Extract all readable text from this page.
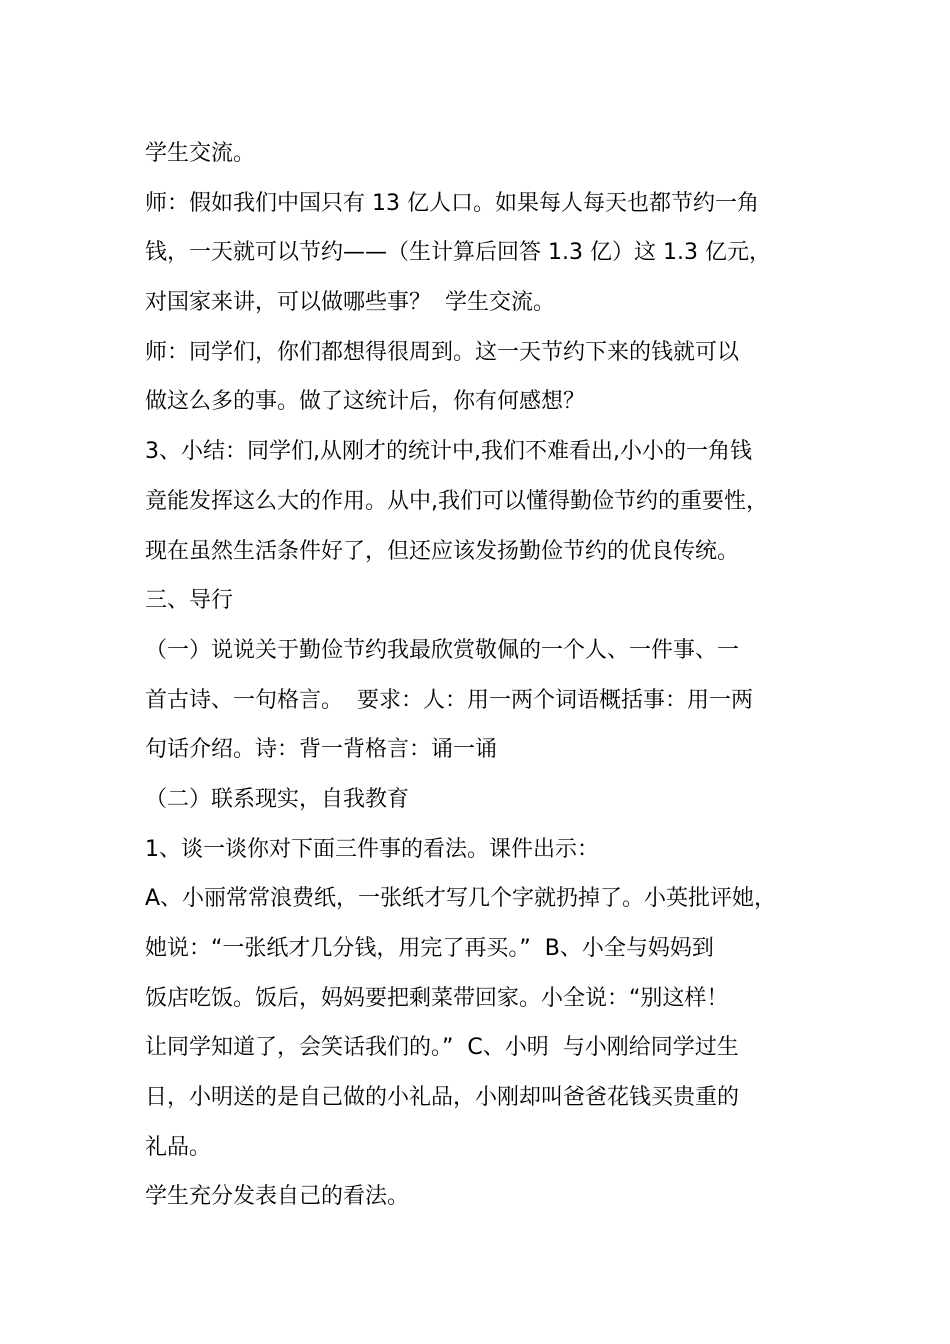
学生交流。
师：假如我们中国只有 13 亿人口。如果每人每天也都节约一角
钱，一天就可以节约——（生计算后回答 1.3 亿）这 1.3 亿元，
对国家来讲，可以做哪些事？  学生交流。
师：同学们，你们都想得很周到。这一天节约下来的钱就可以
做这么多的事。做了这统计后，你有何感想？
3、小结：同学们,从刚才的统计中,我们不难看出,小小的一角钱
竟能发挥这么大的作用。从中,我们可以懂得勤俭节约的重要性，
现在虽然生活条件好了，但还应该发扬勤俭节约的优良传统。
三、导行
（一）说说关于勤俭节约我最欣赏敬佩的一个人、一件事、一
首古诗、一句格言。  要求：人：用一两个词语概括事：用一两
句话介绍。诗：背一背格言：诵一诵
（二）联系现实，自我教育
1、谈一谈你对下面三件事的看法。课件出示：
A、小丽常常浪费纸，一张纸才写几个字就扔掉了。小英批评她，
她说：“一张纸才几分钱，用完了再买。”  B、小全与妈妈到
饭店吃饭。饭后，妈妈要把剩菜带回家。小全说：“别这样！
让同学知道了，会笑话我们的。”  C、小明  与小刚给同学过生
日，小明送的是自己做的小礼品，小刚却叫爸爸花钱买贵重的
礼品。
学生充分发表自己的看法。
